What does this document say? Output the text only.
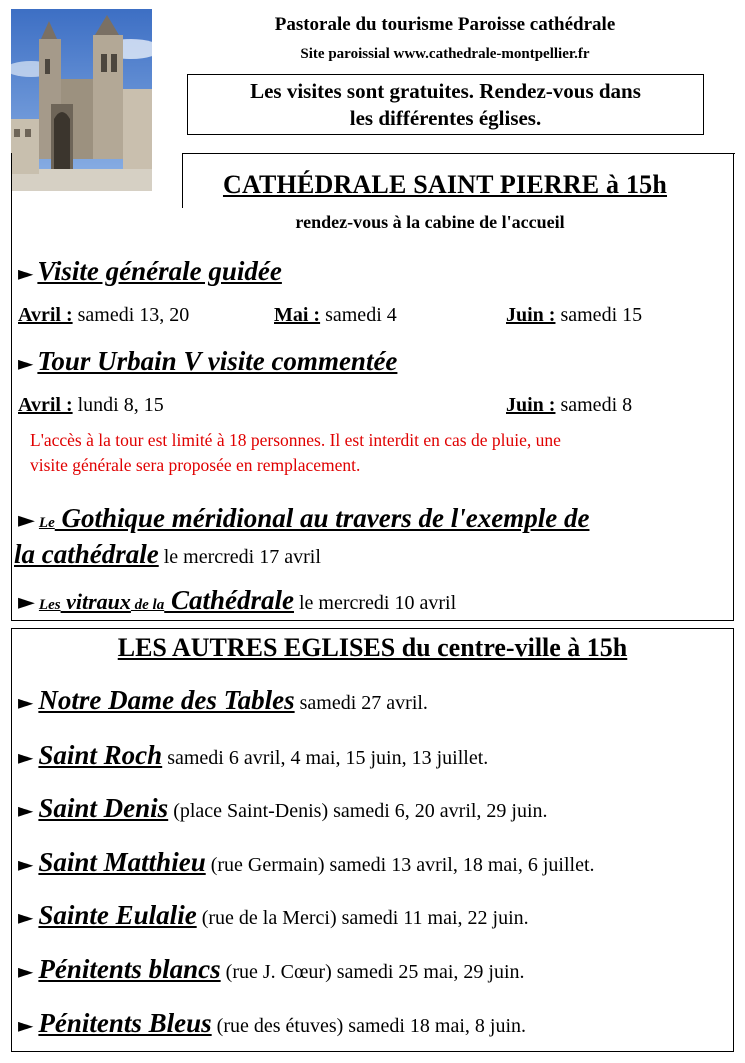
Pastorale du tourisme Paroisse cathédrale
Site paroissial www.cathedrale-montpellier.fr
Les visites sont gratuites. Rendez-vous dans
les différentes églises.
CATHÉDRALE SAINT PIERRE à 15h
rendez-vous à la cabine de l'accueil
► Visite générale guidée
Avril : samedi 13, 20	Mai : samedi 4	Juin : samedi 15
► Tour Urbain V visite commentée
Avril : lundi 8, 15	Juin : samedi 8
L'accès à la tour est limité à 18 personnes. Il est interdit en cas de pluie, une
visite générale sera proposée en remplacement.
► Le Gothique méridional au travers de l'exemple de
la cathédrale le mercredi 17 avril
► Les vitraux de la Cathédrale le mercredi 10 avril
LES AUTRES EGLISES du centre-ville à 15h
► Notre Dame des Tables samedi 27 avril.
► Saint Roch samedi 6 avril, 4 mai, 15 juin, 13 juillet.
► Saint Denis (place Saint-Denis) samedi 6, 20 avril, 29 juin.
► Saint Matthieu (rue Germain) samedi 13 avril, 18 mai, 6 juillet.
► Sainte Eulalie (rue de la Merci) samedi 11 mai, 22 juin.
► Pénitents blancs (rue J. Cœur) samedi 25 mai, 29 juin.
► Pénitents Bleus (rue des étuves) samedi 18 mai, 8 juin.
